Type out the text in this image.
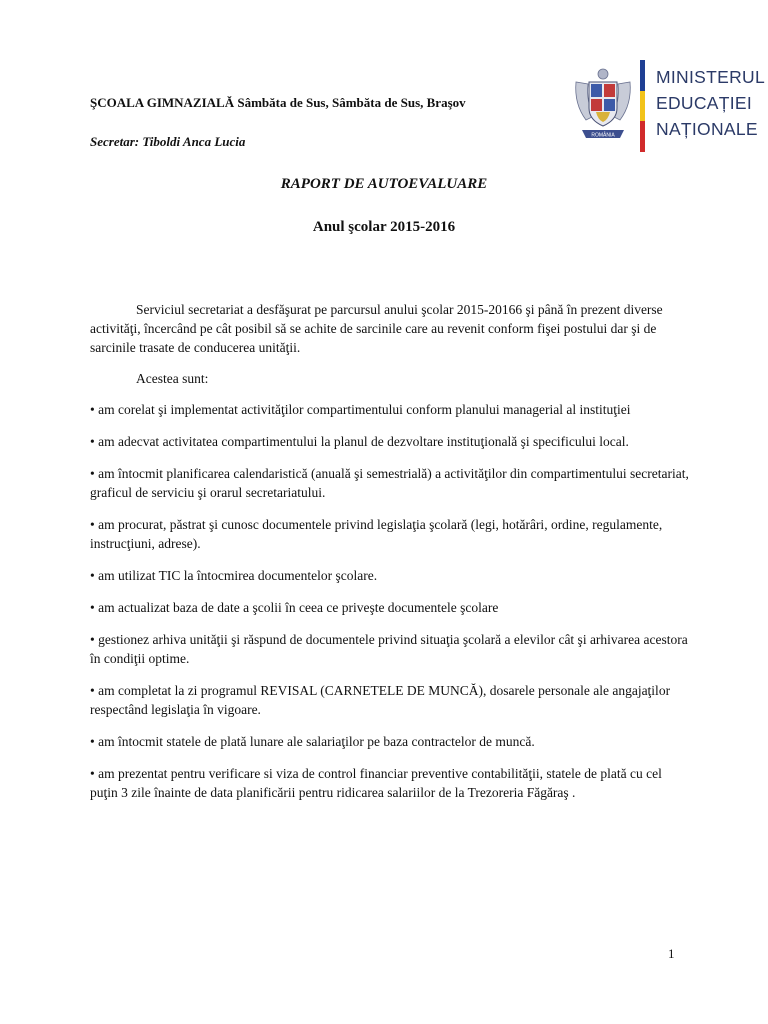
ŞCOALA GIMNAZIALĂ Sâmbăta de Sus, Sâmbăta de Sus, Braşov
Secretar: Tiboldi Anca Lucia	ROMÂNIA
MINISTERUL
EDUCAȚIEI
NAȚIONALE
RAPORT DE AUTOEVALUARE
Anul şcolar 2015-2016

Serviciul secretariat a desfăşurat pe parcursul anului şcolar 2015-20166 şi până în prezent diverse activităţi, încercând pe cât posibil să se achite de sarcinile care au revenit conform fişei postului dar şi de sarcinile trasate de conducerea unităţii.

Acestea sunt:

• am corelat şi implementat activităţilor compartimentului conform planului managerial al instituţiei

• am adecvat activitatea compartimentului la planul de dezvoltare instituţională şi specificului local.

• am întocmit planificarea calendaristică (anuală şi semestrială) a activităţilor din compartimentului secretariat, graficul de serviciu şi orarul secretariatului.

• am procurat, păstrat şi cunosc documentele privind legislaţia şcolară (legi, hotărâri, ordine, regulamente, instrucţiuni, adrese).

• am utilizat TIC la întocmirea documentelor şcolare.

• am actualizat baza de date a şcolii în ceea ce priveşte documentele şcolare

• gestionez arhiva unităţii şi răspund de documentele privind situaţia şcolară a elevilor cât şi arhivarea acestora în condiţii optime.

• am completat la zi programul REVISAL (CARNETELE DE MUNCĂ), dosarele personale ale angajaţilor respectând legislaţia în vigoare.

• am întocmit statele de plată lunare ale salariaţilor pe baza contractelor de muncă.

• am prezentat pentru verificare si viza de control financiar preventive contabilităţii, statele de plată cu cel puţin 3 zile înainte de data planificării pentru ridicarea salariilor de la Trezoreria Făgăraş .

1
